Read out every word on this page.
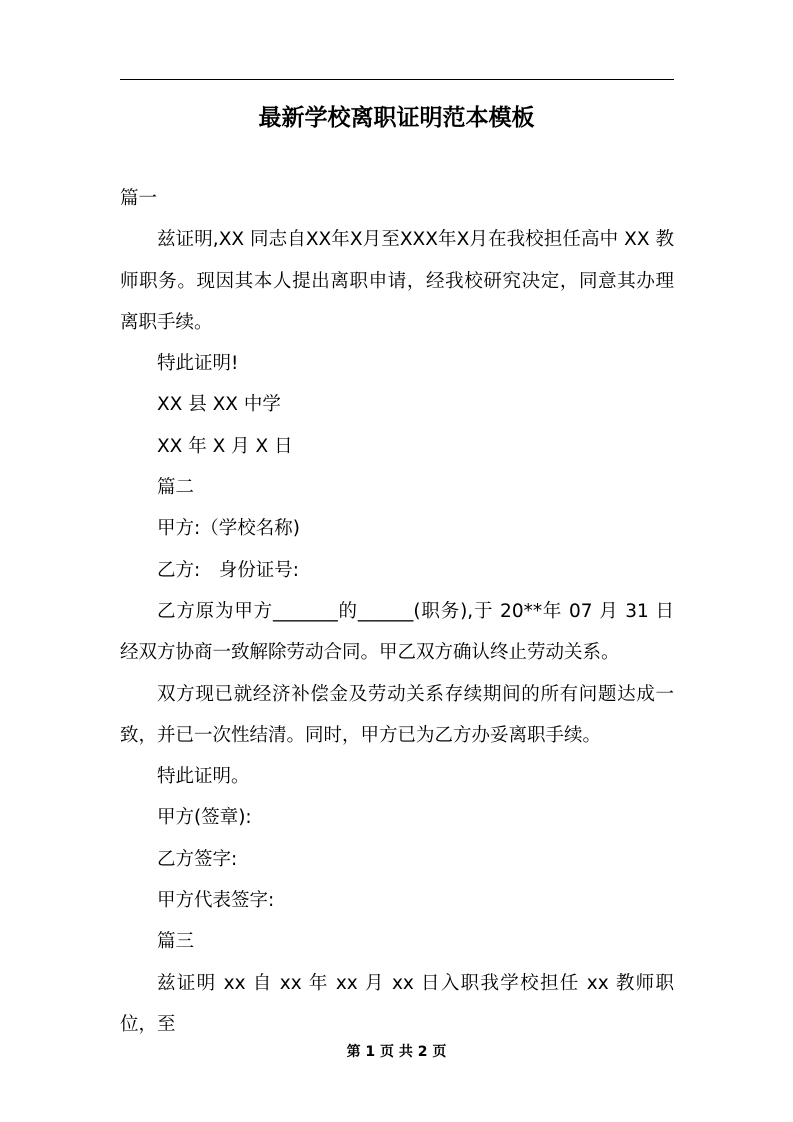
最新学校离职证明范本模板

篇一

兹证明,XX 同志自XX年X月至XXX年X月在我校担任高中 XX 教师职务。现因其本人提出离职申请，经我校研究决定，同意其办理离职手续。

特此证明!

XX 县 XX 中学

XX 年 X 月 X 日

篇二

甲方:（学校名称)

乙方:　身份证号:

乙方原为甲方_______的______(职务),于 20**年 07 月 31 日经双方协商一致解除劳动合同。甲乙双方确认终止劳动关系。

双方现已就经济补偿金及劳动关系存续期间的所有问题达成一致，并已一次性结清。同时，甲方已为乙方办妥离职手续。

特此证明。

甲方(签章):

乙方签字:

甲方代表签字:

篇三

兹证明 xx 自 xx 年 xx 月 xx 日入职我学校担任 xx 教师职位，至

第 1 页 共 2 页
